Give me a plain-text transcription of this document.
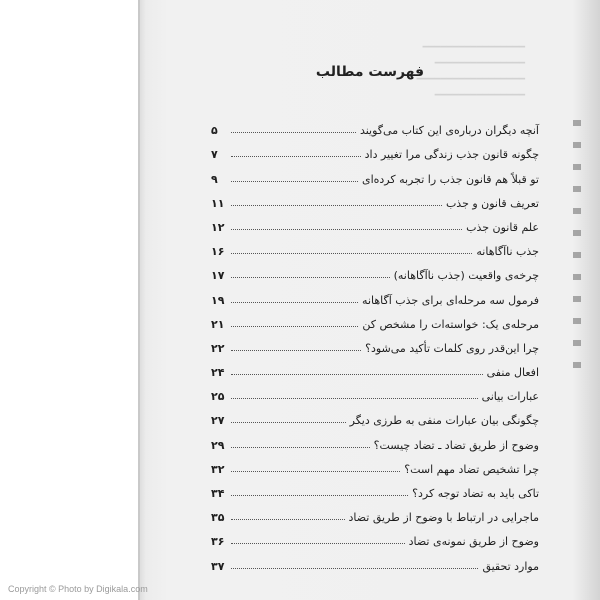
━━━━━━━━━━━━━━━━━
━━━━━━━━━━━━━━━
━━━━━━━━━━━━━━━━━━
━━━━━━━━━━━━━━━
فهرست مطالب
آنچه دیگران درباره‌ی این کتاب می‌گویند
۵
چگونه قانون جذب زندگی مرا تغییر داد
۷
تو قبلاً هم قانون جذب را تجربه کرده‌ای
۹
تعریف قانون و جذب
۱۱
علم قانون جذب
۱۲
جذب ناآگاهانه
۱۶
چرخه‌ی واقعیت (جذب ناآگاهانه)
۱۷
فرمول سه مرحله‌ای برای جذب آگاهانه
۱۹
مرحله‌ی یک: خواسته‌ات را مشخص کن
۲۱
چرا این‌قدر روی کلمات تأکید می‌شود؟
۲۲
افعال منفی
۲۴
عبارات بیانی
۲۵
چگونگی بیان عبارات منفی به طرزی دیگر
۲۷
وضوح از طریق تضاد ـ تضاد چیست؟
۲۹
چرا تشخیص تضاد مهم است؟
۳۲
تاکی باید به تضاد توجه کرد؟
۳۴
ماجرایی در ارتباط با وضوح از طریق تضاد
۳۵
وضوح از طریق نمونه‌ی تضاد
۳۶
موارد تحقیق
۳۷
Copyright © Photo by Digikala.com
